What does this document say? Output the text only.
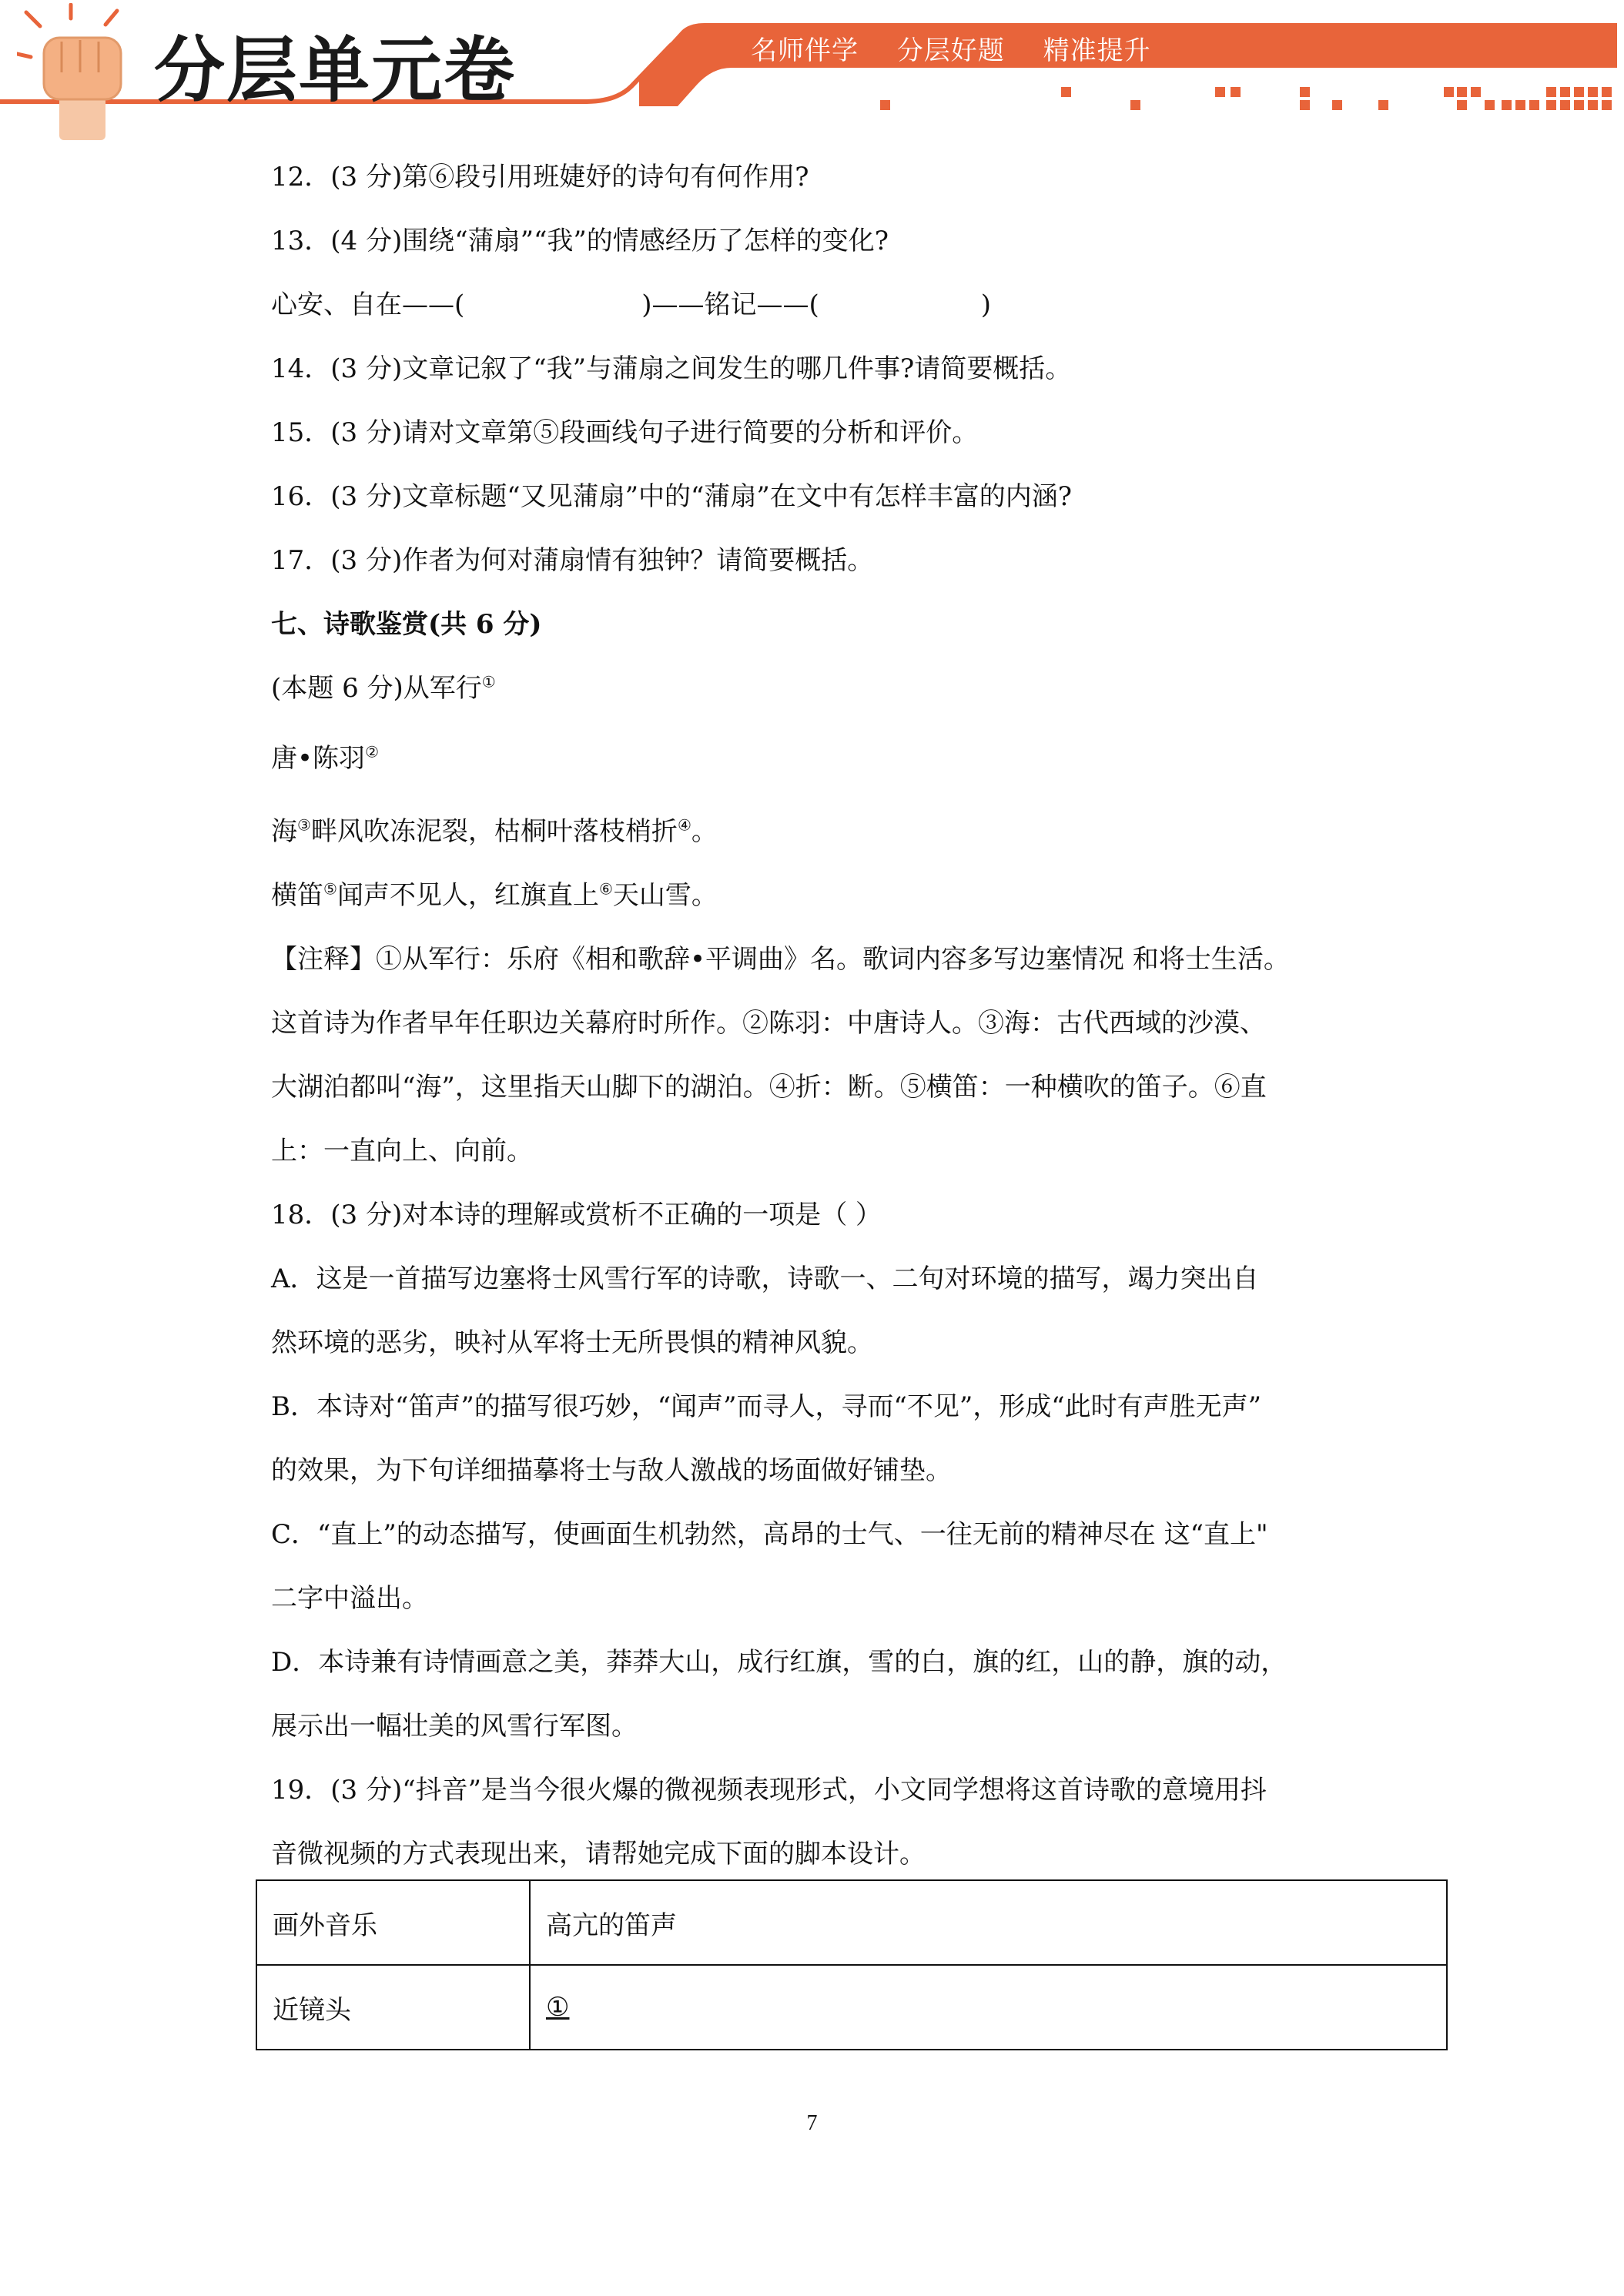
分层单元卷	名师伴学 分层好题 精准提升
12．(3 分)第⑥段引用班婕妤的诗句有何作用?
13．(4 分)围绕“蒲扇”“我”的情感经历了怎样的变化?
心安、自在——(	)——铭记——(	)
14．(3 分)文章记叙了“我”与蒲扇之间发生的哪几件事?请简要概括。
15．(3 分)请对文章第⑤段画线句子进行简要的分析和评价。
16．(3 分)文章标题“又见蒲扇”中的“蒲扇”在文中有怎样丰富的内涵?
17．(3 分)作者为何对蒲扇情有独钟？请简要概括。
七、诗歌鉴赏(共 6 分)
(本题 6 分)从军行①
唐•陈羽②
海③畔风吹冻泥裂，枯桐叶落枝梢折④。
横笛⑤闻声不见人，红旗直上⑥天山雪。
【注释】①从军行：乐府《相和歌辞•平调曲》名。歌词内容多写边塞情况 和将士生活。
这首诗为作者早年任职边关幕府时所作。②陈羽：中唐诗人。③海：古代西域的沙漠、
大湖泊都叫“海”，这里指天山脚下的湖泊。④折：断。⑤横笛：一种横吹的笛子。⑥直
上：一直向上、向前。
18．(3 分)对本诗的理解或赏析不正确的一项是（ ）
A．这是一首描写边塞将士风雪行军的诗歌，诗歌一、二句对环境的描写，竭力突出自
然环境的恶劣，映衬从军将士无所畏惧的精神风貌。
B．本诗对“笛声”的描写很巧妙，“闻声”而寻人，寻而“不见”，形成“此时有声胜无声”
的效果，为下句详细描摹将士与敌人激战的场面做好铺垫。
C．“直上”的动态描写，使画面生机勃然，高昂的士气、一往无前的精神尽在 这“直上"
二字中溢出。
D．本诗兼有诗情画意之美，莽莽大山，成行红旗，雪的白，旗的红，山的静，旗的动，
展示出一幅壮美的风雪行军图。
19．(3 分)“抖音”是当今很火爆的微视频表现形式，小文同学想将这首诗歌的意境用抖
音微视频的方式表现出来，请帮她完成下面的脚本设计。
画外音乐	高亢的笛声
近镜头	①
7
